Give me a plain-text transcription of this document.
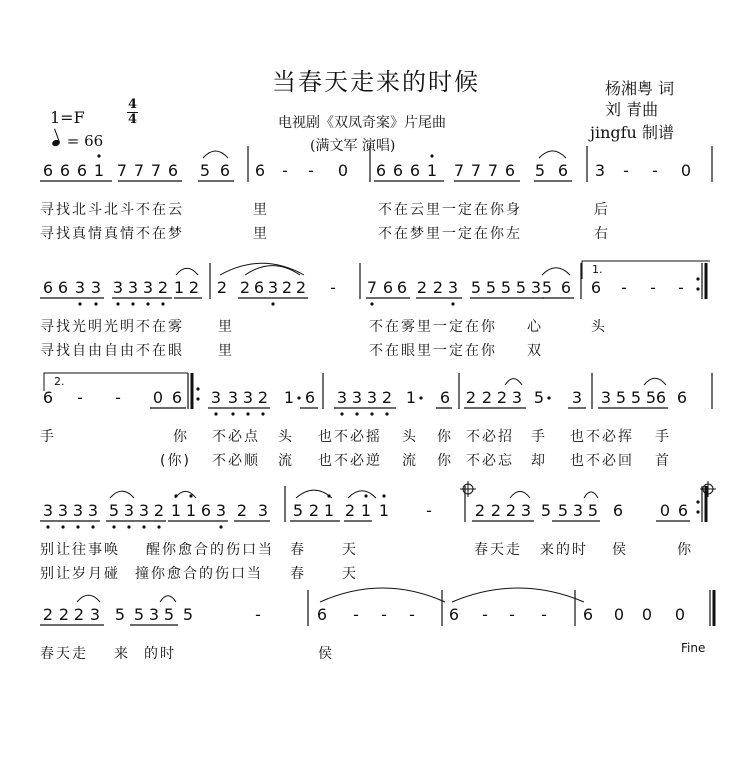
当春天走来的时候	杨湘粤 词
刘 青曲
jingfu 制谱
1=F
4
4
= 66
电视剧《双凤奇案》片尾曲
(满文军 演唱)
6 6 6 1 7 7 7 6 5 6 6 - - 0 6 6 6 1 7 7 7 6 5 6 3 - - 0
寻找北斗北斗不在云	里	不在云里一定在你身	后
寻找真情真情不在梦	里	不在梦里一定在你左	右
6 6 3 3 3 3 3 2 1 2 2 2 6 3 2 2 - 7 6 6 2 2 3 5 5 5 5 3 5 6 6 - - -
寻找光明光明不在雾 里	不在雾里一定在你 心	头
寻找自由自由不在眼 里	不在眼里一定在你 双
6 - - 0 6 3 3 3 2 1 6 3 3 3 2 1 6 2 2 2 3 5 3 3 5 5 5 6 6
手	你 不必点 头 也不必摇 头 你 不必招 手 也不必挥 手
(你) 不必顺 流 也不必逆 流 你 不必忘 却 也不必回 首
3 3 3 3 5 3 3 2 1 1 6 3 2 3 5 2 1 2 1 1 -	2 2 2 3 5 5 3 5 6 0 6
别让往事唤 醒你愈合的伤口当 春	天	春天走 来的时 侯	你
别让岁月碰 撞你愈合的伤口当 春	天
2 2 2 3 5 5 3 5 5	-	6 - - - 6 - - - 6 0 0 0
春天走 来 的时	侯
1.
2.
Fine
